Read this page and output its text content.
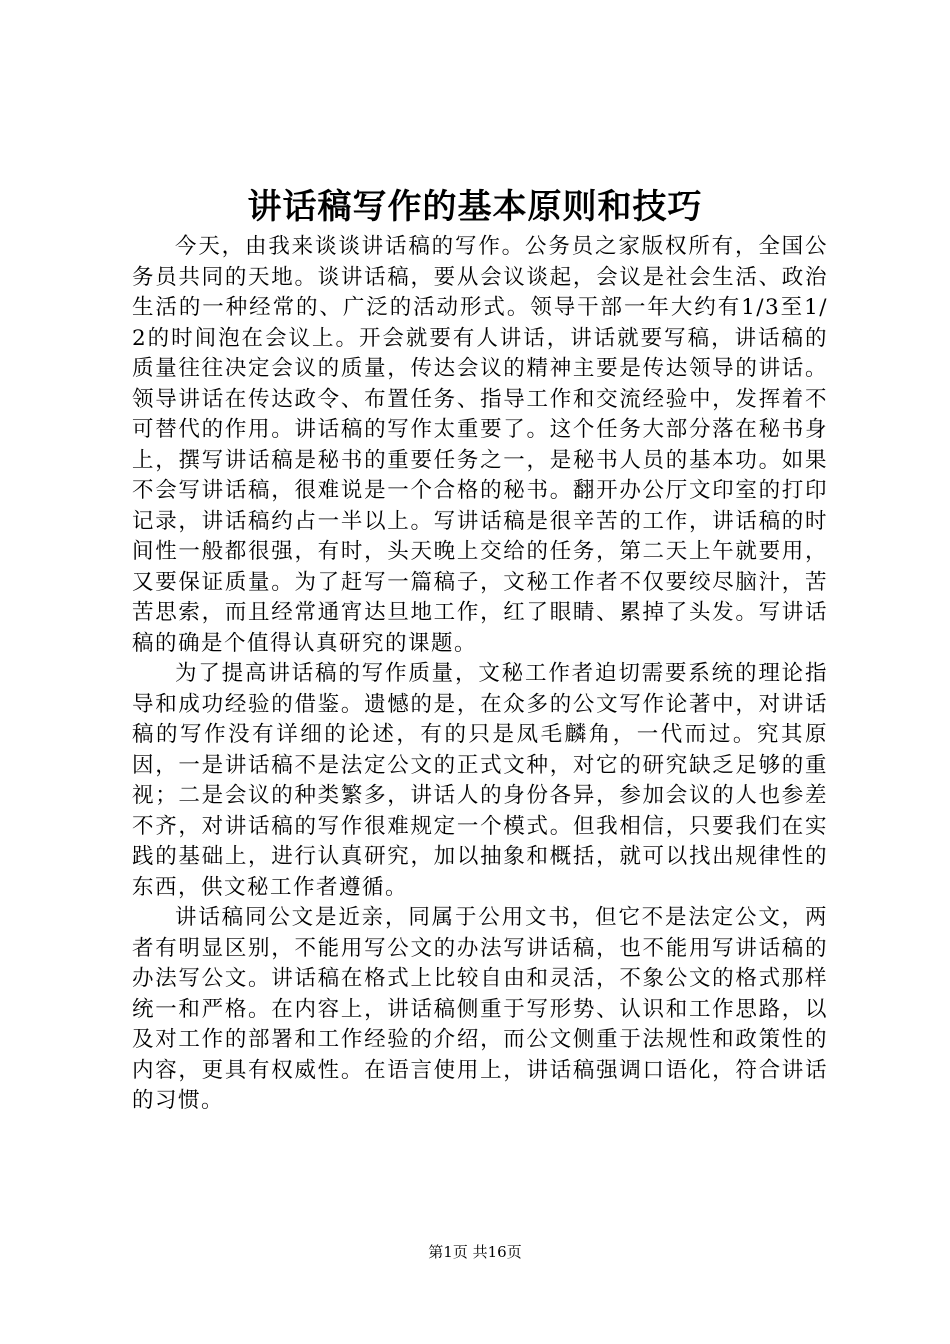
讲话稿写作的基本原则和技巧

今天，由我来谈谈讲话稿的写作。公务员之家版权所有，全国公务员共同的天地。谈讲话稿，要从会议谈起，会议是社会生活、政治生活的一种经常的、广泛的活动形式。领导干部一年大约有1/3至1/2的时间泡在会议上。开会就要有人讲话，讲话就要写稿，讲话稿的质量往往决定会议的质量，传达会议的精神主要是传达领导的讲话。领导讲话在传达政令、布置任务、指导工作和交流经验中，发挥着不可替代的作用。讲话稿的写作太重要了。这个任务大部分落在秘书身上，撰写讲话稿是秘书的重要任务之一，是秘书人员的基本功。如果不会写讲话稿，很难说是一个合格的秘书。翻开办公厅文印室的打印记录，讲话稿约占一半以上。写讲话稿是很辛苦的工作，讲话稿的时间性一般都很强，有时，头天晚上交给的任务，第二天上午就要用，又要保证质量。为了赶写一篇稿子，文秘工作者不仅要绞尽脑汁，苦苦思索，而且经常通宵达旦地工作，红了眼睛、累掉了头发。写讲话稿的确是个值得认真研究的课题。

为了提高讲话稿的写作质量，文秘工作者迫切需要系统的理论指导和成功经验的借鉴。遗憾的是，在众多的公文写作论著中，对讲话稿的写作没有详细的论述，有的只是凤毛麟角，一代而过。究其原因，一是讲话稿不是法定公文的正式文种，对它的研究缺乏足够的重视；二是会议的种类繁多，讲话人的身份各异，参加会议的人也参差不齐，对讲话稿的写作很难规定一个模式。但我相信，只要我们在实践的基础上，进行认真研究，加以抽象和概括，就可以找出规律性的东西，供文秘工作者遵循。

讲话稿同公文是近亲，同属于公用文书，但它不是法定公文，两者有明显区别，不能用写公文的办法写讲话稿，也不能用写讲话稿的办法写公文。讲话稿在格式上比较自由和灵活，不象公文的格式那样统一和严格。在内容上，讲话稿侧重于写形势、认识和工作思路，以及对工作的部署和工作经验的介绍，而公文侧重于法规性和政策性的内容，更具有权威性。在语言使用上，讲话稿强调口语化，符合讲话的习惯。

第1页 共16页
